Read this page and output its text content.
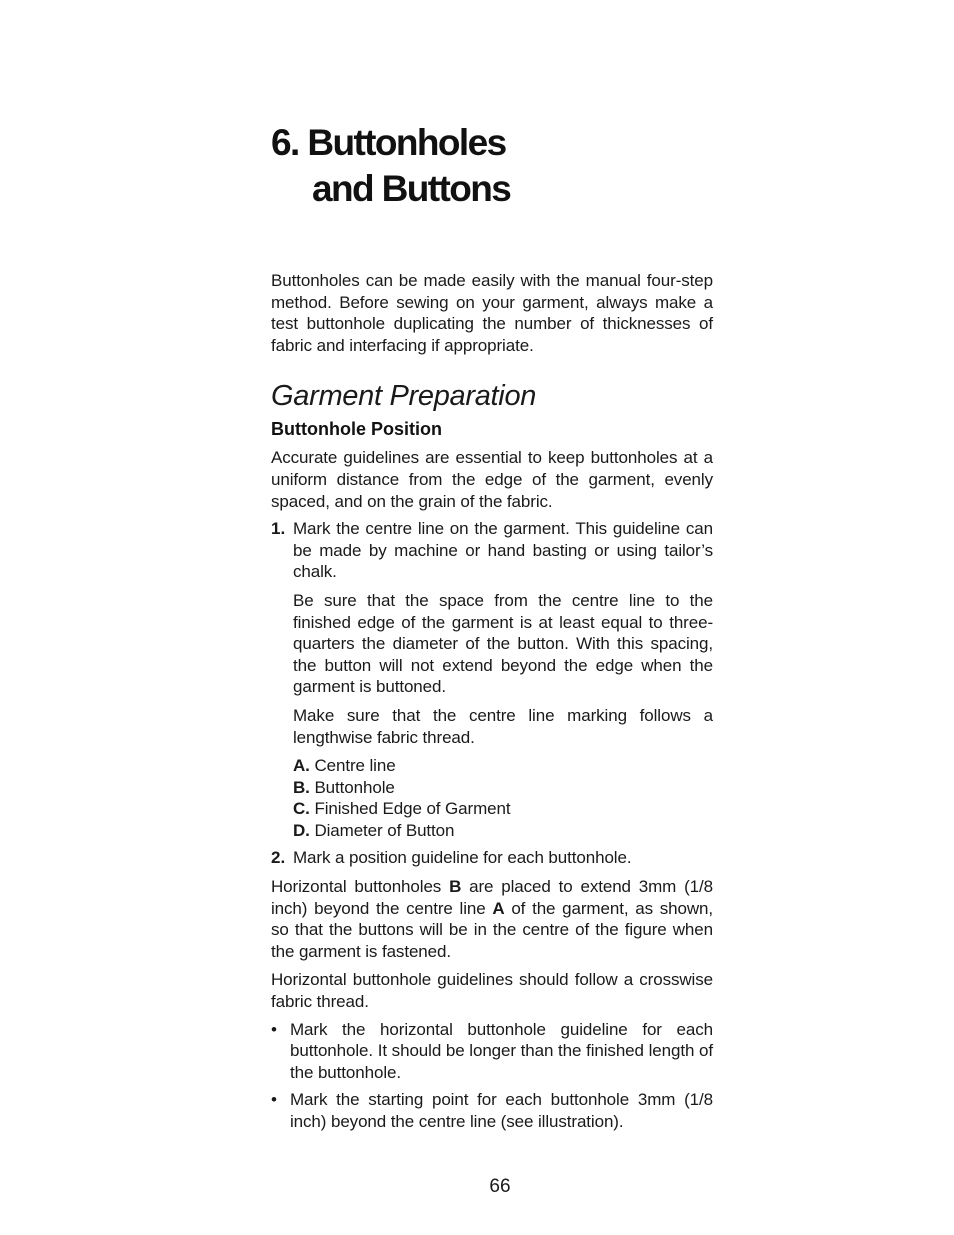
6. Buttonholes
and Buttons

Buttonholes can be made easily with the manual four-step method. Before sewing on your garment, always make a test buttonhole duplicating the number of thicknesses of fabric and interfacing if appropriate.

Garment Preparation
Buttonhole Position

Accurate guidelines are essential to keep buttonholes at a uniform distance from the edge of the garment, evenly spaced, and on the grain of the fabric.

1. Mark the centre line on the garment. This guideline can be made by machine or hand basting or using tailor’s chalk.

Be sure that the space from the centre line to the finished edge of the garment is at least equal to three-quarters the diameter of the button. With this spacing, the button will not extend beyond the edge when the garment is buttoned.

Make sure that the centre line marking follows a lengthwise fabric thread.

A. Centre line
B. Buttonhole
C. Finished Edge of Garment
D. Diameter of Button
2. Mark a position guideline for each buttonhole.

Horizontal buttonholes B are placed to extend 3mm (1/8 inch) beyond the centre line A of the garment, as shown, so that the buttons will be in the centre of the figure when the garment is fastened.

Horizontal buttonhole guidelines should follow a crosswise fabric thread.

• Mark the horizontal buttonhole guideline for each buttonhole. It should be longer than the finished length of the buttonhole.
• Mark the starting point for each buttonhole 3mm (1/8 inch) beyond the centre line (see illustration).
66
